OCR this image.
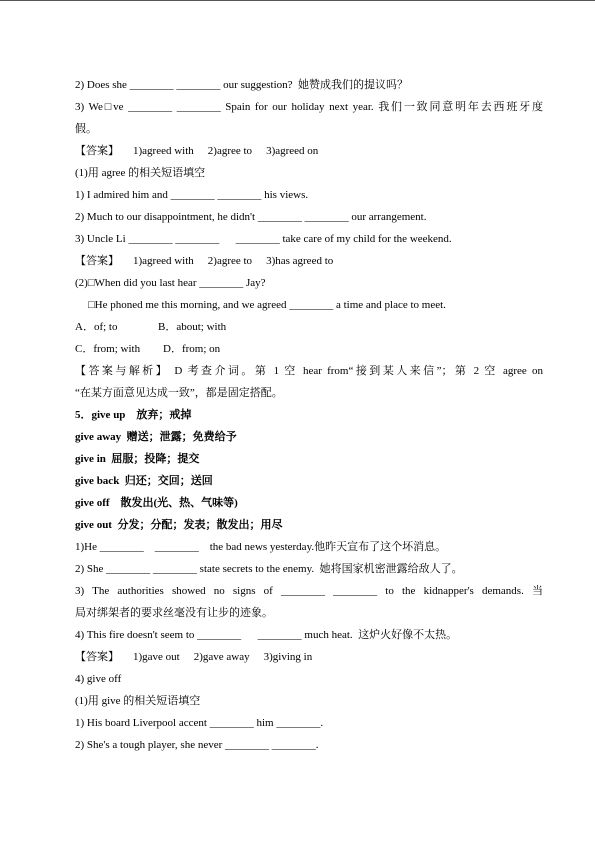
2) Does she ________ ________ our suggestion?  她赞成我们的提议吗？
3) We□ve ________ ________ Spain for our holiday next year. 我们一致同意明年去西班牙度
假。
【答案】 1)agreed with 2)agree to 3)agreed on
(1)用 agree 的相关短语填空
1) I admired him and ________ ________ his views.
2) Much to our disappointment, he didn't ________ ________ our arrangement.
3) Uncle Li ________ ________      ________ take care of my child for the weekend.
【答案】 1)agreed with 2)agree to 3)has agreed to
(2)□When did you last hear ________ Jay?
□He phoned me this morning, and we agreed ________ a time and place to meet.
A．of; to	B．about; with
C．from; with	D．from; on
【答案与解析】 D 考查介词。第 1 空 hear from“接到某人来信”；第 2 空 agree on
“在某方面意见达成一致”，都是固定搭配。
5．give up    放弃；戒掉
give away  赠送；泄露；免费给予
give in  屈服；投降；提交
give back  归还；交回；送回
give off    散发出(光、热、气味等)
give out  分发；分配；发表；散发出；用尽
1)He ________    ________    the bad news yesterday.他昨天宣布了这个坏消息。
2) She ________ ________ state secrets to the enemy.  她将国家机密泄露给敌人了。
3) The authorities showed no signs of ________ ________ to the kidnapper's demands. 当
局对绑架者的要求丝毫没有让步的迹象。
4) This fire doesn't seem to ________      ________ much heat.  这炉火好像不太热。
【答案】 1)gave out 2)gave away 3)giving in
4) give off
(1)用 give 的相关短语填空
1) His board Liverpool accent ________ him ________.
2) She's a tough player, she never ________ ________.
